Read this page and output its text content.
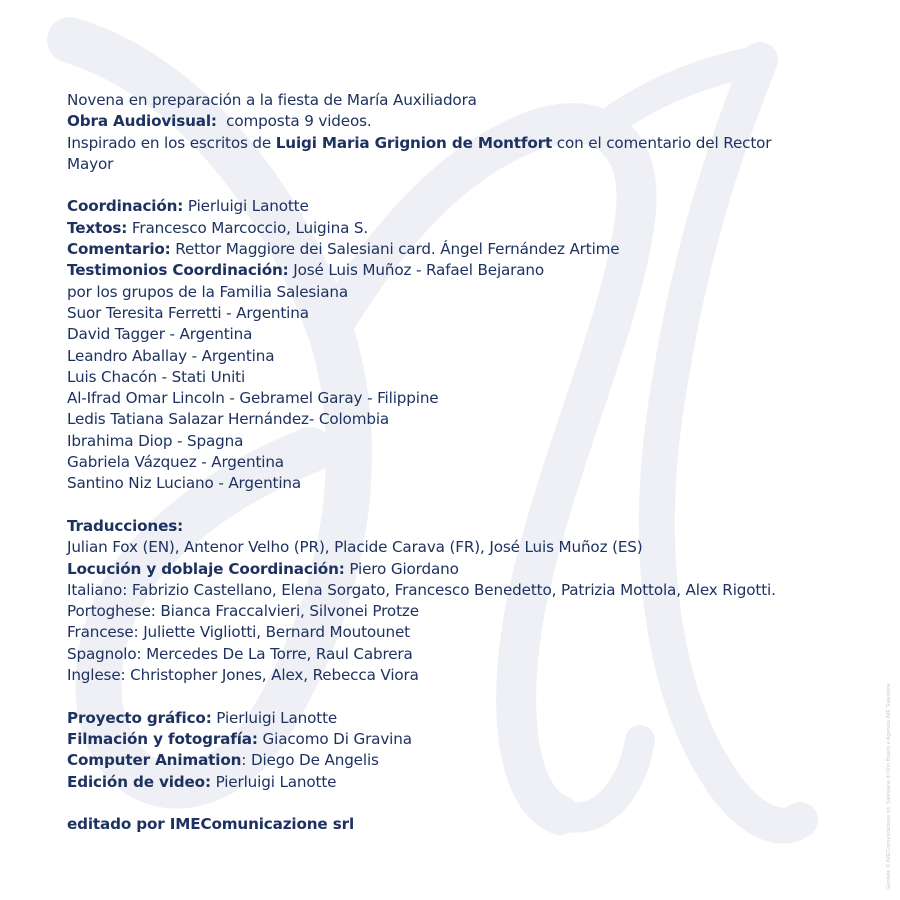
Novena en preparación a la fiesta de María Auxiliadora
Obra Audiovisual:  composta 9 videos.
Inspirado en los escritos de Luigi Maria Grignion de Montfort con el comentario del Rector
Mayor
Coordinación: Pierluigi Lanotte
Textos: Francesco Marcoccio, Luigina S.
Comentario: Rettor Maggiore dei Salesiani card. Ángel Fernández Artime
Testimonios Coordinación: José Luis Muñoz - Rafael Bejarano
por los grupos de la Familia Salesiana
Suor Teresita Ferretti - Argentina
David Tagger - Argentina
Leandro Aballay - Argentina
Luis Chacón - Stati Uniti
Al-Ifrad Omar Lincoln - Gebramel Garay - Filippine
Ledis Tatiana Salazar Hernández- Colombia
Ibrahima Diop - Spagna
Gabriela Vázquez - Argentina
Santino Niz Luciano - Argentina
Traducciones:
Julian Fox (EN), Antenor Velho (PR), Placide Carava (FR), José Luis Muñoz (ES)
Locución y doblaje Coordinación: Piero Giordano
Italiano: Fabrizio Castellano, Elena Sorgato, Francesco Benedetto, Patrizia Mottola, Alex Rigotti.
Portoghese: Bianca Fraccalvieri, Silvonei Protze
Francese: Juliette Vigliotti, Bernard Moutounet
Spagnolo: Mercedes De La Torre, Raul Cabrera
Inglese: Christopher Jones, Alex, Rebecca Viora
Proyecto gráfico: Pierluigi Lanotte
Filmación y fotografía: Giacomo Di Gravina
Computer Animation: Diego De Angelis
Edición de video: Pierluigi Lanotte
editado por IMEComunicazione srl	Gentiale © IMEComunicazione srl. Salesiane di Don Bosco e Agenzia IME Salesiane
